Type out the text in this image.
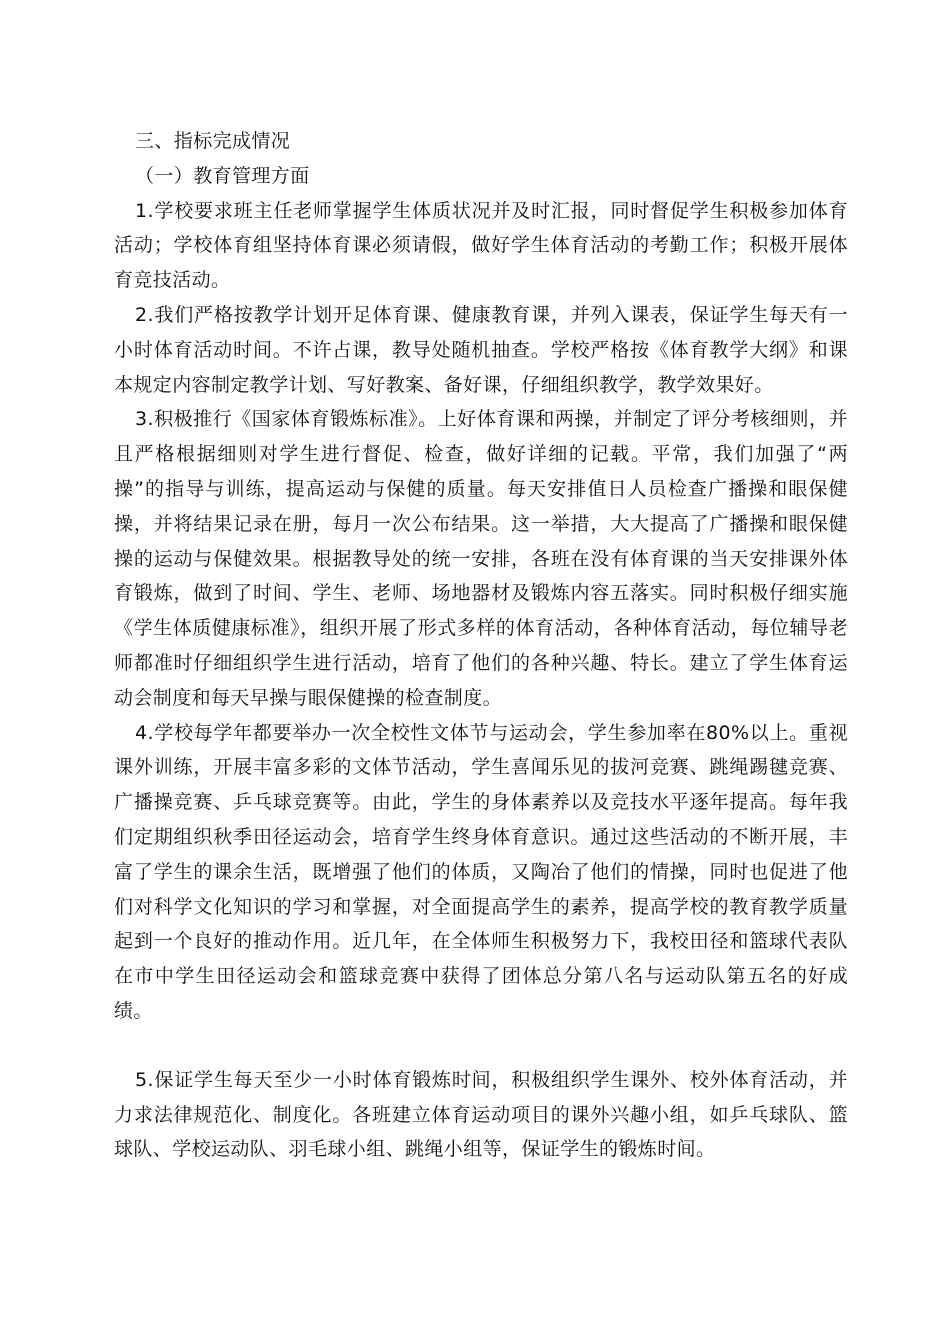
三、指标完成情况

（一）教育管理方面

1.学校要求班主任老师掌握学生体质状况并及时汇报，同时督促学生积极参加体育活动；学校体育组坚持体育课必须请假，做好学生体育活动的考勤工作；积极开展体育竞技活动。

2.我们严格按教学计划开足体育课、健康教育课，并列入课表，保证学生每天有一小时体育活动时间。不许占课，教导处随机抽查。学校严格按《体育教学大纲》和课本规定内容制定教学计划、写好教案、备好课，仔细组织教学，教学效果好。

3.积极推行《国家体育锻炼标准》。上好体育课和两操，并制定了评分考核细则，并且严格根据细则对学生进行督促、检查，做好详细的记载。平常，我们加强了“两操”的指导与训练，提高运动与保健的质量。每天安排值日人员检查广播操和眼保健操，并将结果记录在册，每月一次公布结果。这一举措，大大提高了广播操和眼保健操的运动与保健效果。根据教导处的统一安排，各班在没有体育课的当天安排课外体育锻炼，做到了时间、学生、老师、场地器材及锻炼内容五落实。同时积极仔细实施《学生体质健康标准》，组织开展了形式多样的体育活动，各种体育活动，每位辅导老师都准时仔细组织学生进行活动，培育了他们的各种兴趣、特长。建立了学生体育运动会制度和每天早操与眼保健操的检查制度。

4.学校每学年都要举办一次全校性文体节与运动会，学生参加率在80%以上。重视课外训练，开展丰富多彩的文体节活动，学生喜闻乐见的拔河竞赛、跳绳踢毽竞赛、广播操竞赛、乒乓球竞赛等。由此，学生的身体素养以及竞技水平逐年提高。每年我们定期组织秋季田径运动会，培育学生终身体育意识。通过这些活动的不断开展，丰富了学生的课余生活，既增强了他们的体质，又陶冶了他们的情操，同时也促进了他们对科学文化知识的学习和掌握，对全面提高学生的素养，提高学校的教育教学质量起到一个良好的推动作用。近几年，在全体师生积极努力下，我校田径和篮球代表队在市中学生田径运动会和篮球竞赛中获得了团体总分第八名与运动队第五名的好成绩。

5.保证学生每天至少一小时体育锻炼时间，积极组织学生课外、校外体育活动，并力求法律规范化、制度化。各班建立体育运动项目的课外兴趣小组，如乒乓球队、篮球队、学校运动队、羽毛球小组、跳绳小组等，保证学生的锻炼时间。
